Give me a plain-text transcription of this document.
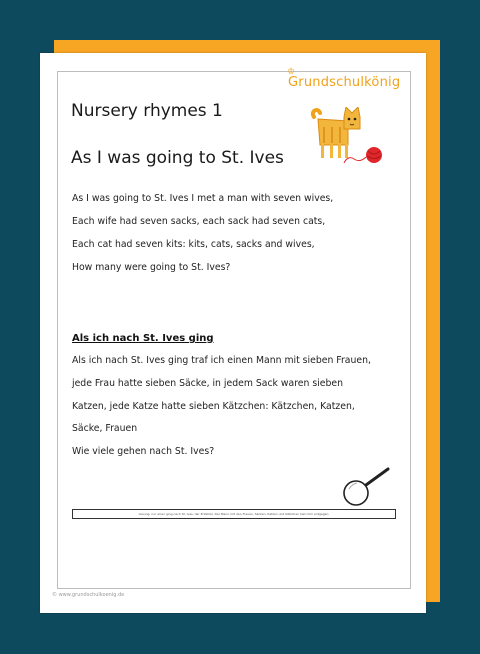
♔
Grundschulkönig
Nursery rhymes 1
As I was going to St. Ives
As I was going to St. Ives I met a man with seven wives,
Each wife had seven sacks, each sack had seven cats,
Each cat had seven kits: kits, cats, sacks and wives,
How many were going to St. Ives?
Als ich nach St. Ives ging
Als ich nach St. Ives ging traf ich einen Mann mit sieben Frauen,
jede Frau hatte sieben Säcke, in jedem Sack waren sieben
Katzen, jede Katze hatte sieben Kätzchen: Kätzchen, Katzen,
Säcke, Frauen
Wie viele gehen nach St. Ives?
Lösung: nur einer ging nach St. Ives, der Erzähler. Der Mann mit den Frauen, Säcken, Katzen und Kätzchen kam ihm entgegen.
© www.grundschulkoenig.de
